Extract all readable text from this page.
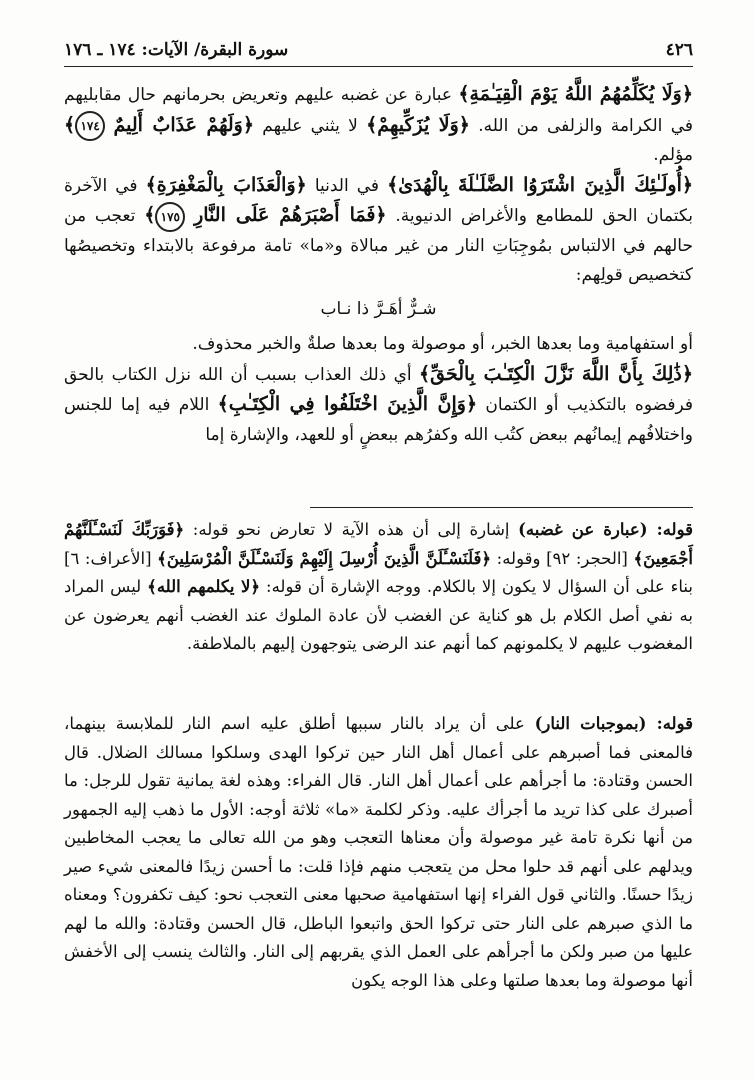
٤٢٦
سورة البقرة/ الآيات: ١٧٤ ـ ١٧٦

﴿وَلَا يُكَلِّمُهُمُ اللَّهُ يَوْمَ الْقِيَـٰمَةِ﴾ عبارة عن غضبه عليهم وتعريض بحرمانهم حال مقابليهم في الكرامة والزلفى من الله. ﴿وَلَا يُزَكِّيهِمْ﴾ لا يثني عليهم ﴿وَلَهُمْ عَذَابٌ أَلِيمٌ ١٧٤﴾ مؤلم.

﴿أُولَـٰئِكَ الَّذِينَ اشْتَرَوُا الضَّلَـٰلَةَ بِالْهُدَىٰ﴾ في الدنيا ﴿وَالْعَذَابَ بِالْمَغْفِرَةِ﴾ في الآخرة بكتمان الحق للمطامع والأغراض الدنيوية. ﴿فَمَا أَصْبَرَهُمْ عَلَى النَّارِ ١٧٥﴾ تعجب من حالهم في الالتباس بمُوجِبَاتِ النار من غير مبالاة و«ما» تامة مرفوعة بالابتداء وتخصيصُها كتخصيص قولِهم:

شـرٌّ أهَـرَّ ذا نـاب

أو استفهامية وما بعدها الخبر، أو موصولة وما بعدها صلةٌ والخبر محذوف.

﴿ذَٰلِكَ بِأَنَّ اللَّهَ نَزَّلَ الْكِتَـٰبَ بِالْحَقِّ﴾ أي ذلك العذاب بسبب أن الله نزل الكتاب بالحق فرفضوه بالتكذيب أو الكتمان ﴿وَإِنَّ الَّذِينَ اخْتَلَفُوا فِي الْكِتَـٰبِ﴾ اللام فيه إما للجنس واختلافُهم إيمانُهم ببعض كتُب الله وكفرُهم ببعضٍ أو للعهد، والإشارة إما

قوله: (عبارة عن غضبه) إشارة إلى أن هذه الآية لا تعارض نحو قوله: ﴿فَوَرَبِّكَ لَنَسْـَٔلَنَّهُمْ أَجْمَعِينَ﴾ [الحجر: ٩٢] وقوله: ﴿فَلَنَسْـَٔلَنَّ الَّذِينَ أُرْسِلَ إِلَيْهِمْ وَلَنَسْـَٔلَنَّ الْمُرْسَلِينَ﴾ [الأعراف: ٦] بناء على أن السؤال لا يكون إلا بالكلام. ووجه الإشارة أن قوله: ﴿لا يكلمهم الله﴾ ليس المراد به نفي أصل الكلام بل هو كناية عن الغضب لأن عادة الملوك عند الغضب أنهم يعرضون عن المغضوب عليهم لا يكلمونهم كما أنهم عند الرضى يتوجهون إليهم بالملاطفة.

قوله: (بموجبات النار) على أن يراد بالنار سببها أطلق عليه اسم النار للملابسة بينهما، فالمعنى فما أصبرهم على أعمال أهل النار حين تركوا الهدى وسلكوا مسالك الضلال. قال الحسن وقتادة: ما أجرأهم على أعمال أهل النار. قال الفراء: وهذه لغة يمانية تقول للرجل: ما أصبرك على كذا تريد ما أجرأك عليه. وذكر لكلمة «ما» ثلاثة أوجه: الأول ما ذهب إليه الجمهور من أنها نكرة تامة غير موصولة وأن معناها التعجب وهو من الله تعالى ما يعجب المخاطبين ويدلهم على أنهم قد حلوا محل من يتعجب منهم فإذا قلت: ما أحسن زيدًا فالمعنى شيء صير زيدًا حسنًا. والثاني قول الفراء إنها استفهامية صحبها معنى التعجب نحو: كيف تكفرون؟ ومعناه ما الذي صبرهم على النار حتى تركوا الحق واتبعوا الباطل، قال الحسن وقتادة: والله ما لهم عليها من صبر ولكن ما أجرأهم على العمل الذي يقربهم إلى النار. والثالث ينسب إلى الأخفش أنها موصولة وما بعدها صلتها وعلى هذا الوجه يكون
